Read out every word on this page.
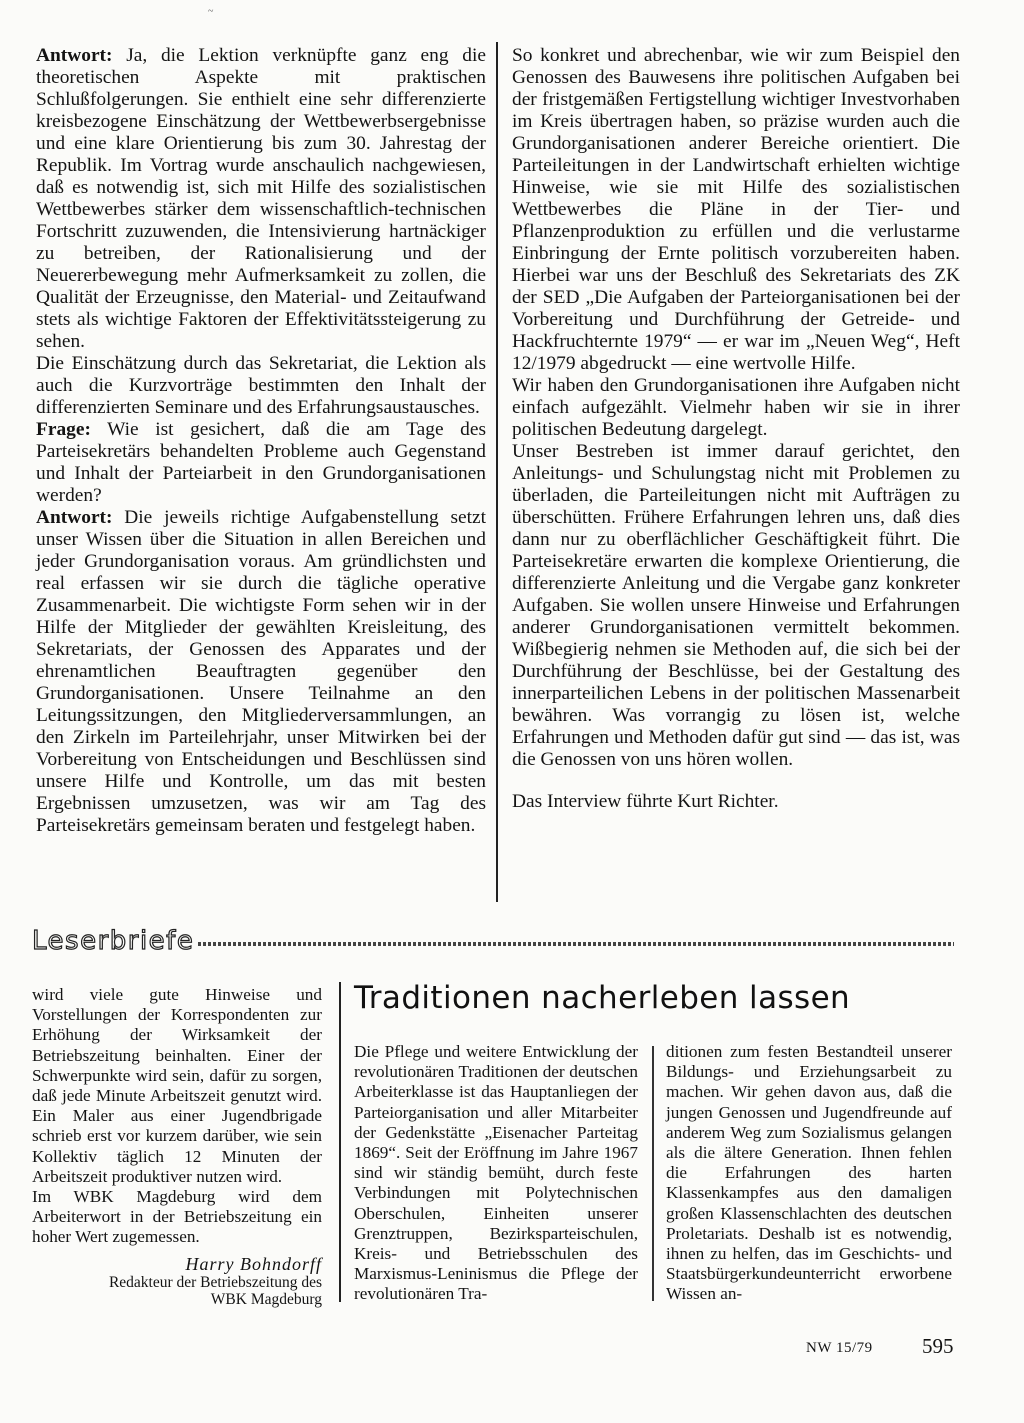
~

Antwort: Ja, die Lektion verknüpfte ganz eng die theoretischen Aspekte mit praktischen Schlußfolgerungen. Sie enthielt eine sehr differenzierte kreisbezogene Einschätzung der Wettbewerbsergebnisse und eine klare Orientierung bis zum 30. Jahrestag der Republik. Im Vortrag wurde anschaulich nachgewiesen, daß es notwendig ist, sich mit Hilfe des sozialistischen Wettbewerbes stärker dem wissenschaftlich-technischen Fortschritt zuzuwenden, die Intensivierung hartnäckiger zu betreiben, der Rationalisierung und der Neuererbewegung mehr Aufmerksamkeit zu zollen, die Qualität der Erzeugnisse, den Material- und Zeitaufwand stets als wichtige Faktoren der Effektivitätssteigerung zu sehen.

Die Einschätzung durch das Sekretariat, die Lektion als auch die Kurzvorträge bestimmten den Inhalt der differenzierten Seminare und des Erfahrungsaustausches.

Frage: Wie ist gesichert, daß die am Tage des Parteisekretärs behandelten Probleme auch Gegenstand und Inhalt der Parteiarbeit in den Grundorganisationen werden?

Antwort: Die jeweils richtige Aufgabenstellung setzt unser Wissen über die Situation in allen Bereichen und jeder Grundorganisation voraus. Am gründlichsten und real erfassen wir sie durch die tägliche operative Zusammenarbeit. Die wichtigste Form sehen wir in der Hilfe der Mitglieder der gewählten Kreisleitung, des Sekretariats, der Genossen des Apparates und der ehrenamtlichen Beauftragten gegenüber den Grundorganisationen. Unsere Teilnahme an den Leitungssitzungen, den Mitgliederversammlungen, an den Zirkeln im Parteilehrjahr, unser Mitwirken bei der Vorbereitung von Entscheidungen und Beschlüssen sind unsere Hilfe und Kontrolle, um das mit besten Ergebnissen umzusetzen, was wir am Tag des Parteisekretärs gemeinsam beraten und festgelegt haben.

So konkret und abrechenbar, wie wir zum Beispiel den Genossen des Bauwesens ihre politischen Aufgaben bei der fristgemäßen Fertigstellung wichtiger Investvorhaben im Kreis übertragen haben, so präzise wurden auch die Grundorganisationen anderer Bereiche orientiert. Die Parteileitungen in der Landwirtschaft erhielten wichtige Hinweise, wie sie mit Hilfe des sozialistischen Wettbewerbes die Pläne in der Tier- und Pflanzenproduktion zu erfüllen und die verlustarme Einbringung der Ernte politisch vorzubereiten haben. Hierbei war uns der Beschluß des Sekretariats des ZK der SED „Die Aufgaben der Parteiorganisationen bei der Vorbereitung und Durchführung der Getreide- und Hackfruchternte 1979“ — er war im „Neuen Weg“, Heft 12/1979 abgedruckt — eine wertvolle Hilfe.

Wir haben den Grundorganisationen ihre Aufgaben nicht einfach aufgezählt. Vielmehr haben wir sie in ihrer politischen Bedeutung dargelegt.

Unser Bestreben ist immer darauf gerichtet, den Anleitungs- und Schulungstag nicht mit Problemen zu überladen, die Parteileitungen nicht mit Aufträgen zu überschütten. Frühere Erfahrungen lehren uns, daß dies dann nur zu oberflächlicher Geschäftigkeit führt. Die Parteisekretäre erwarten die komplexe Orientierung, die differenzierte Anleitung und die Vergabe ganz konkreter Aufgaben. Sie wollen unsere Hinweise und Erfahrungen anderer Grundorganisationen vermittelt bekommen. Wißbegierig nehmen sie Methoden auf, die sich bei der Durchführung der Beschlüsse, bei der Gestaltung des innerparteilichen Lebens in der politischen Massenarbeit bewähren. Was vorrangig zu lösen ist, welche Erfahrungen und Methoden dafür gut sind — das ist, was die Genossen von uns hören wollen.

Das Interview führte Kurt Richter.

Leserbriefe

wird viele gute Hinweise und Vorstellungen der Korrespondenten zur Erhöhung der Wirksamkeit der Betriebszeitung beinhalten. Einer der Schwerpunkte wird sein, dafür zu sorgen, daß jede Minute Arbeitszeit genutzt wird. Ein Maler aus einer Jugendbrigade schrieb erst vor kurzem darüber, wie sein Kollektiv täglich 12 Minuten der Arbeitszeit produktiver nutzen wird.

Im WBK Magdeburg wird dem Arbeiterwort in der Betriebszeitung ein hoher Wert zugemessen.

Harry Bohndorff
Redakteur der Betriebszeitung des
WBK Magdeburg
Traditionen nacherleben lassen
Die Pflege und weitere Entwicklung der revolutionären Traditionen der deutschen Arbeiterklasse ist das Hauptanliegen der Parteiorganisation und aller Mitarbeiter der Gedenkstätte „Eisenacher Parteitag 1869“. Seit der Eröffnung im Jahre 1967 sind wir ständig bemüht, durch feste Verbindungen mit Polytechnischen Oberschulen, Einheiten unserer Grenztruppen, Bezirksparteischulen, Kreis- und Betriebsschulen des Marxismus-Leninismus die Pflege der revolutionären Tra-
ditionen zum festen Bestandteil unserer Bildungs- und Erziehungsarbeit zu machen. Wir gehen davon aus, daß die jungen Genossen und Jugendfreunde auf anderem Weg zum Sozialismus gelangen als die ältere Generation. Ihnen fehlen die Erfahrungen des harten Klassenkampfes aus den damaligen großen Klassenschlachten des deutschen Proletariats. Deshalb ist es notwendig, ihnen zu helfen, das im Geschichts- und Staatsbürgerkundeunterricht erworbene Wissen an-
NW 15/79 595
